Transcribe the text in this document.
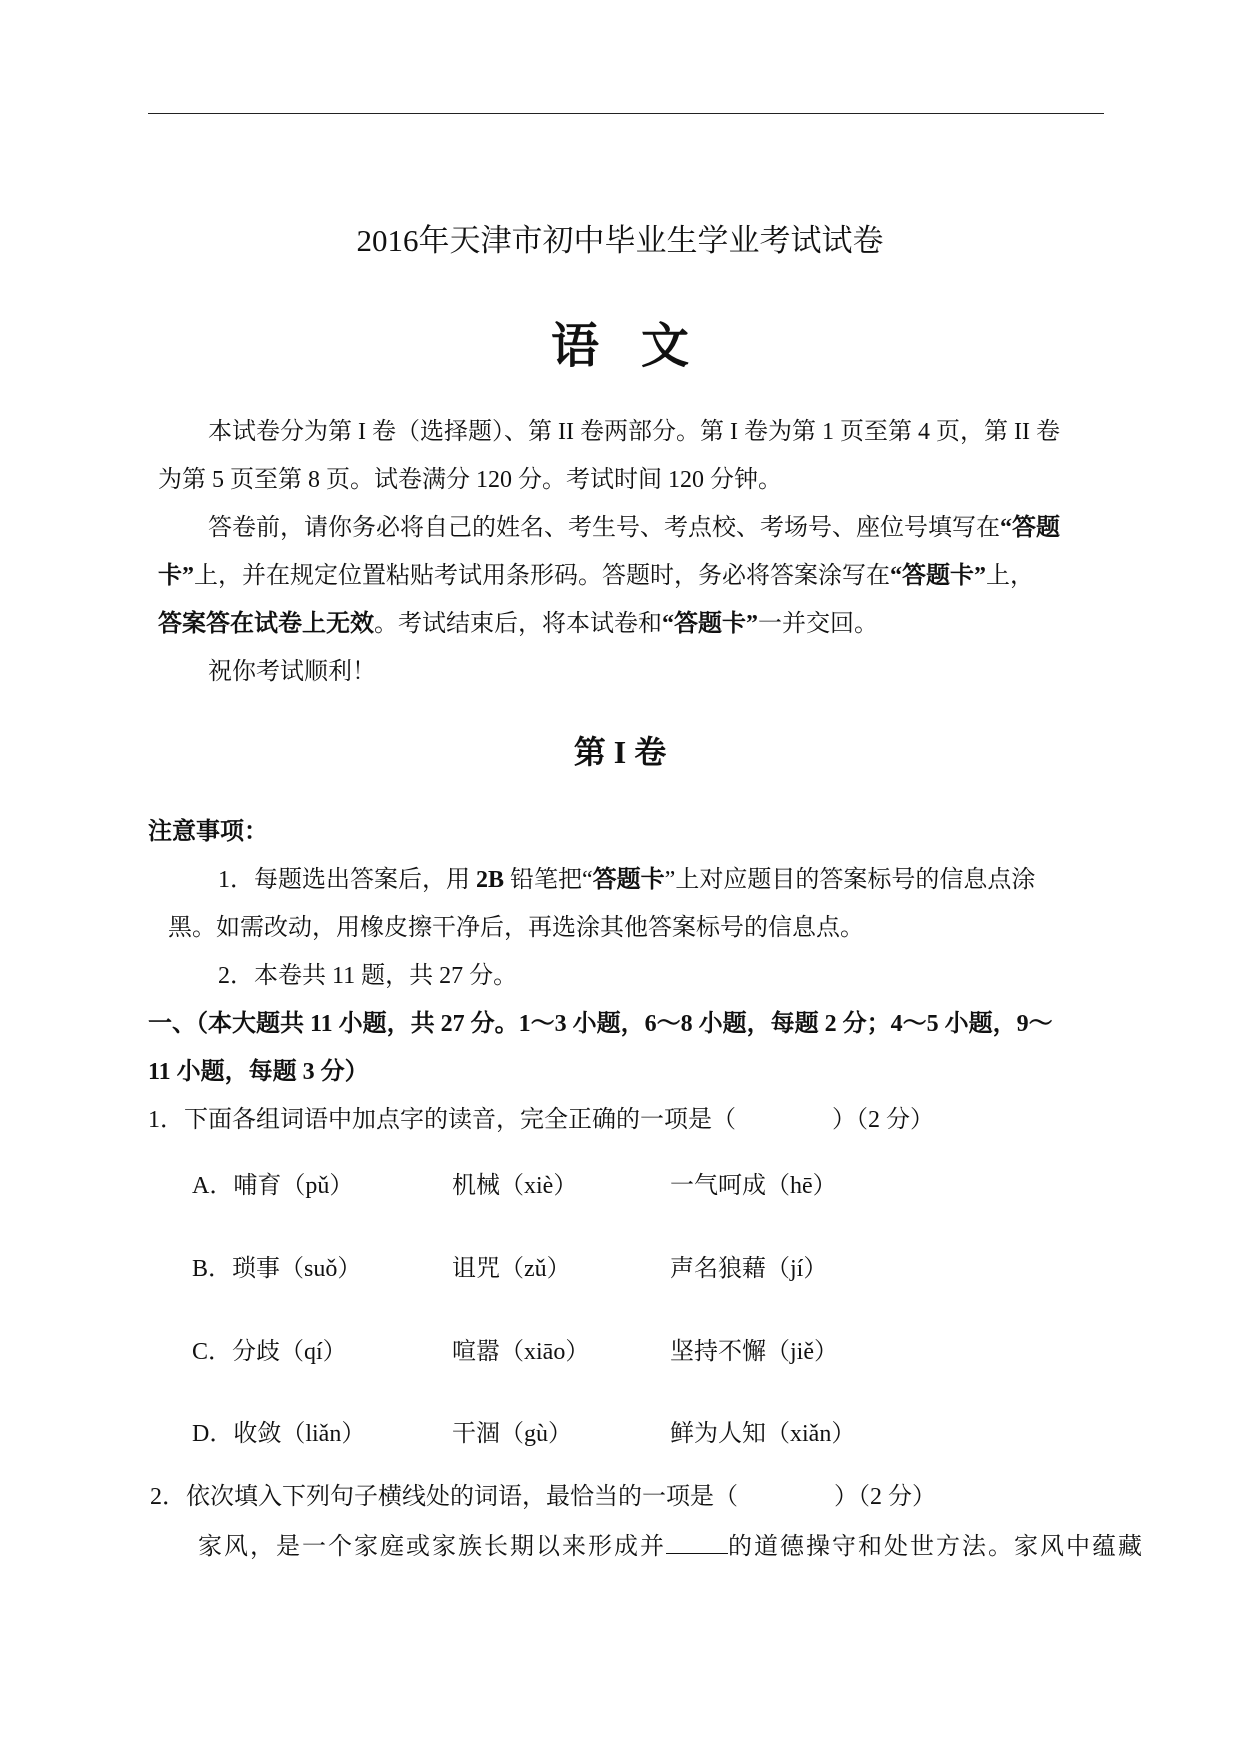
2016年天津市初中毕业生学业考试试卷
语文
本试卷分为第 I 卷（选择题）、第 II 卷两部分。第 I 卷为第 1 页至第 4 页，第 II 卷
为第 5 页至第 8 页。试卷满分 120 分。考试时间 120 分钟。
答卷前，请你务必将自己的姓名、考生号、考点校、考场号、座位号填写在“答题
卡”上，并在规定位置粘贴考试用条形码。答题时，务必将答案涂写在“答题卡”上，
答案答在试卷上无效。考试结束后，将本试卷和“答题卡”一并交回。
祝你考试顺利！
第 I 卷
注意事项：
1．每题选出答案后，用 2B 铅笔把“答题卡”上对应题目的答案标号的信息点涂
黑。如需改动，用橡皮擦干净后，再选涂其他答案标号的信息点。
2．本卷共 11 题，共 27 分。
一、（本大题共 11 小题，共 27 分。1～3 小题，6～8 小题，每题 2 分；4～5 小题，9～
11 小题，每题 3 分）
1．下面各组词语中加点字的读音，完全正确的一项是（　　　　）（2 分）
A．哺育（pǔ）	机械（xiè）	一气呵成（hē）
B．琐事（suǒ）	诅咒（zǔ）	声名狼藉（jí）
C．分歧（qí）	喧嚣（xiāo）	坚持不懈（jiě）
D．收敛（liǎn）	干涸（gù）	鲜为人知（xiǎn）
2．依次填入下列句子横线处的词语，最恰当的一项是（　　　　）（2 分）
家风，是一个家庭或家族长期以来形成并	的道德操守和处世方法。家风中蕴藏
